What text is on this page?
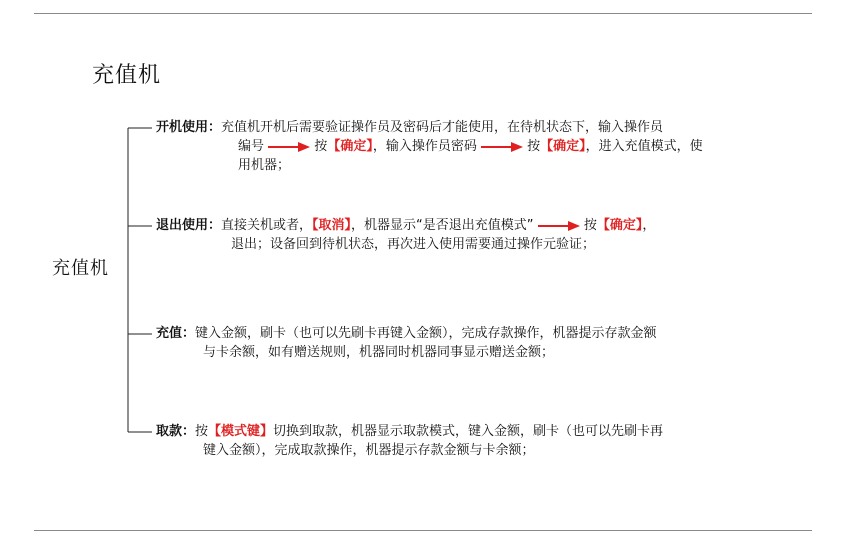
充值机
充值机
开机使用：充值机开机后需要验证操作员及密码后才能使用，在待机状态下，输入操作员
编号	按【确定】，输入操作员密码	按【确定】，进入充值模式，使
用机器；
退出使用：直接关机或者，【取消】，机器显示“是否退出充值模式”	按【确定】，
退出；设备回到待机状态，再次进入使用需要通过操作元验证；
充值：键入金额，刷卡（也可以先刷卡再键入金额），完成存款操作，机器提示存款金额
与卡余额，如有赠送规则，机器同时机器同事显示赠送金额；
取款：按【模式键】切换到取款，机器显示取款模式，键入金额，刷卡（也可以先刷卡再
键入金额），完成取款操作，机器提示存款金额与卡余额；
